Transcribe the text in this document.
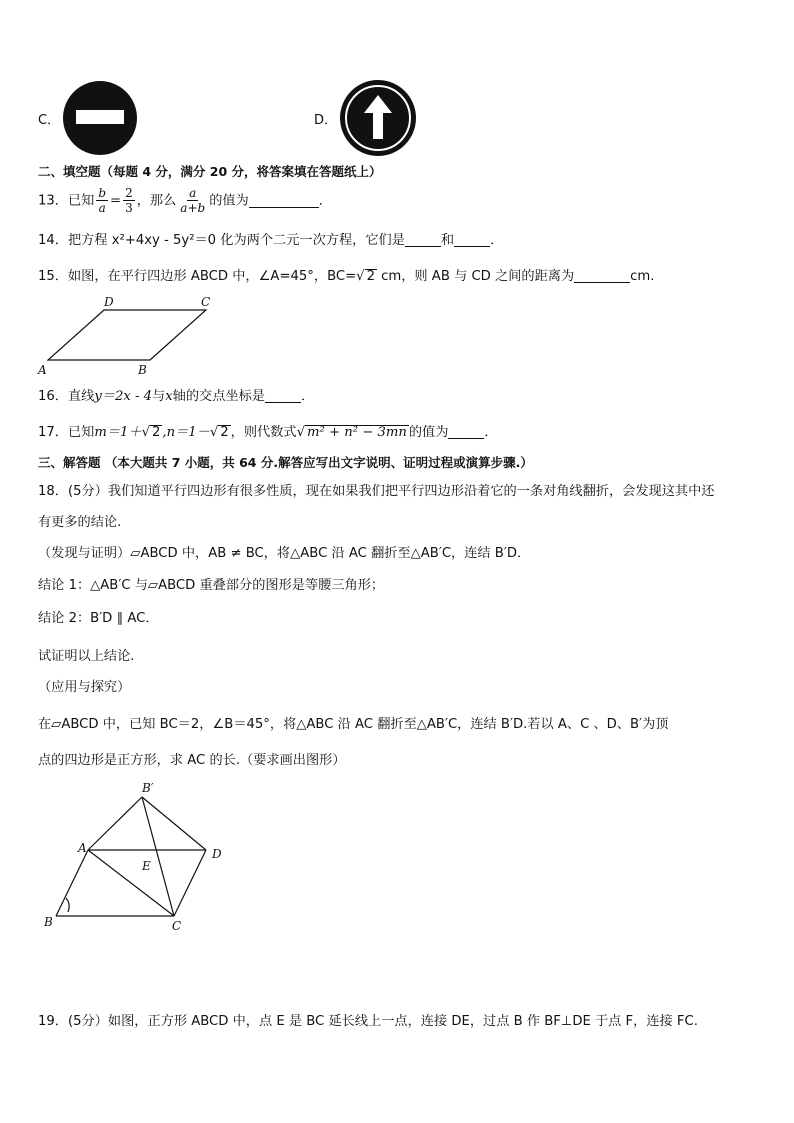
C．	D．
二、填空题（每题 4 分，满分 20 分，将答案填在答题纸上）
13．已知 $\frac{b}{a} = \frac{2}{3}$ ，那么 $\frac{a}{a+b}$ 的值为	．
14．把方程 x²+4xy - 5y²＝0 化为两个二元一次方程，它们是	和	．
15．如图，在平行四边形 ABCD 中，∠A=45°，BC=√ 2 cm，则 AB 与 CD 之间的距离为	cm.
D	C
A	B
16．直线y＝2x - 4与x轴的交点坐标是	．
17．已知m＝1＋√ 2 ,n＝1－√ 2 ，则代数式√ m² + n² − 3mn 的值为	．
三、解答题 （本大题共 7 小题，共 64 分.解答应写出文字说明、证明过程或演算步骤.）
18．(5分）我们知道平行四边形有很多性质，现在如果我们把平行四边形沿着它的一条对角线翻折，会发现这其中还
有更多的结论.
（发现与证明）▱ABCD 中，AB ≠ BC，将△ABC 沿 AC 翻折至△AB′C，连结 B′D．
结论 1：△AB′C 与▱ABCD 重叠部分的图形是等腰三角形；
结论 2：B′D ∥ AC．
试证明以上结论.
（应用与探究）
在▱ABCD 中，已知 BC＝2，∠B＝45°，将△ABC 沿 AC 翻折至△AB′C，连结 B′D.若以 A、C 、D、B′为顶
点的四边形是正方形，求 AC 的长.（要求画出图形）
B′
A	D
E
B	C
19．(5分）如图，正方形 ABCD 中，点 E 是 BC 延长线上一点，连接 DE，过点 B 作 BF⊥DE 于点 F，连接 FC.
